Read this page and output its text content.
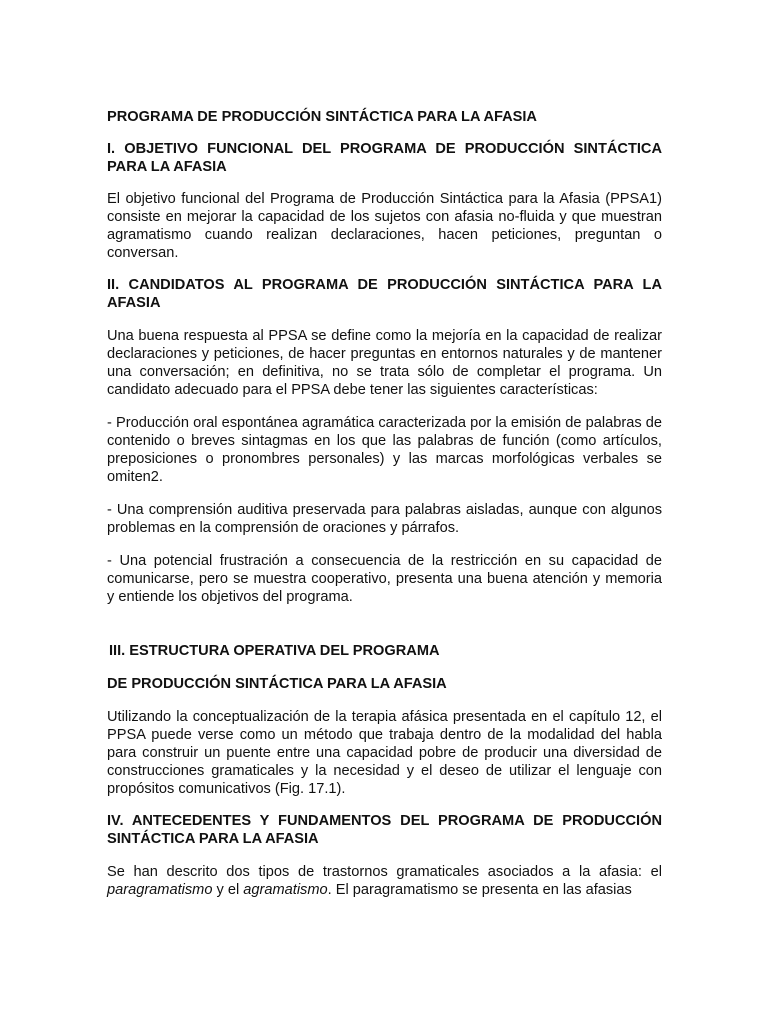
PROGRAMA DE PRODUCCIÓN SINTÁCTICA PARA LA AFASIA
I. OBJETIVO FUNCIONAL DEL PROGRAMA DE PRODUCCIÓN SINTÁCTICA PARA LA AFASIA

El objetivo funcional del Programa de Producción Sintáctica para la Afasia (PPSA1) consiste en mejorar la capacidad de los sujetos con afasia no-fluida y que muestran agramatismo cuando realizan declaraciones, hacen peticiones, preguntan o conversan.

II. CANDIDATOS AL PROGRAMA DE PRODUCCIÓN SINTÁCTICA PARA LA AFASIA

Una buena respuesta al PPSA se define como la mejoría en la capacidad de realizar declaraciones y peticiones, de hacer preguntas en entornos naturales y de mantener una conversación; en definitiva, no se trata sólo de completar el programa. Un candidato adecuado para el PPSA debe tener las siguientes características:

- Producción oral espontánea agramática caracterizada por la emisión de palabras de contenido o breves sintagmas en los que las palabras de función (como artículos, preposiciones o pronombres personales) y las marcas morfológicas verbales se omiten2.

- Una comprensión auditiva preservada para palabras aisladas, aunque con algunos problemas en la comprensión de oraciones y párrafos.

- Una potencial frustración a consecuencia de la restricción en su capacidad de comunicarse, pero se muestra cooperativo, presenta una buena atención y memoria y entiende los objetivos del programa.

III. ESTRUCTURA OPERATIVA DEL PROGRAMA
DE PRODUCCIÓN SINTÁCTICA PARA LA AFASIA

Utilizando la conceptualización de la terapia afásica presentada en el capítulo 12, el PPSA puede verse como un método que trabaja dentro de la modalidad del habla para construir un puente entre una capacidad pobre de producir una diversidad de construcciones gramaticales y la necesidad y el deseo de utilizar el lenguaje con propósitos comunicativos (Fig. 17.1).

IV. ANTECEDENTES Y FUNDAMENTOS DEL PROGRAMA DE PRODUCCIÓN SINTÁCTICA PARA LA AFASIA

Se han descrito dos tipos de trastornos gramaticales asociados a la afasia: el paragramatismo y el agramatismo. El paragramatismo se presenta en las afasias
